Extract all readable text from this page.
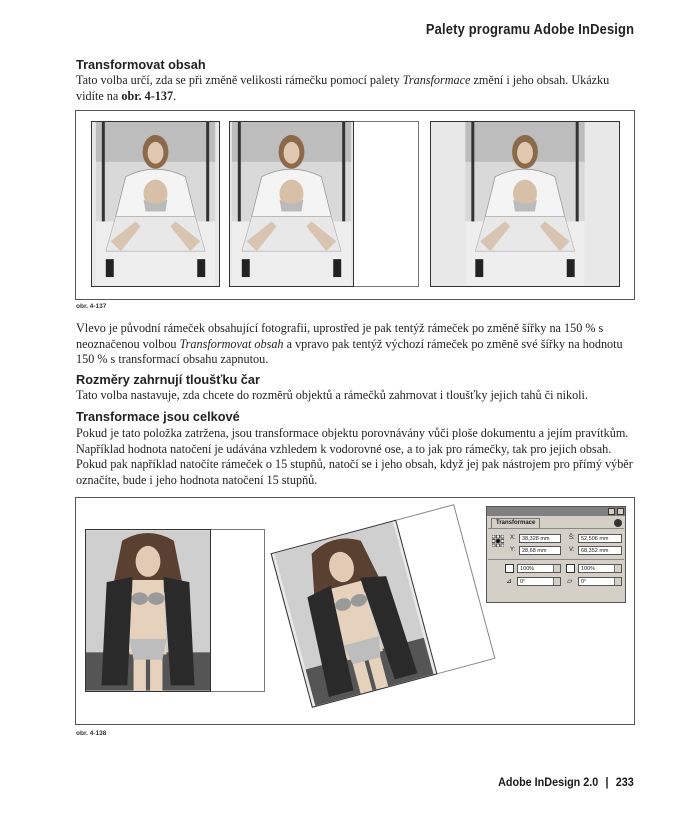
Palety programu Adobe InDesign
Transformovat obsah
Tato volba určí, zda se při změně velikosti rámečku pomocí palety Transformace změní i jeho obsah. Ukázku vidíte na obr. 4-137.
obr. 4-137
Vlevo je původní rámeček obsahující fotografii, uprostřed je pak tentýž rámeček po změně šířky na 150 % s neoznačenou volbou Transformovat obsah a vpravo pak tentýž výchozí rámeček po změně své šířky na hodnotu 150 % s transformací obsahu zapnutou.
Rozměry zahrnují tloušťku čar
Tato volba nastavuje, zda chcete do rozměrů objektů a rámečků zahrnovat i tloušťky jejich tahů či nikoli.
Transformace jsou celkové
Pokud je tato položka zatržena, jsou transformace objektu porovnávány vůči ploše dokumentu a jejím pravítkům. Například hodnota natočení je udávána vzhledem k vodorovné ose, a to jak pro rámečky, tak pro jejich obsah. Pokud pak například natočíte rámeček o 15 stupňů, natočí se i jeho obsah, když jej pak nástrojem pro přímý výběr označíte, bude i jeho hodnota natočení 15 stupňů.
Transformace
X:	38,328 mm
Y:	28,68 mm
Š:	52,506 mm
V:	68,352 mm
100%	100%
⊿	0°	▱	0°
obr. 4-138
Adobe InDesign 2.0 | 233
